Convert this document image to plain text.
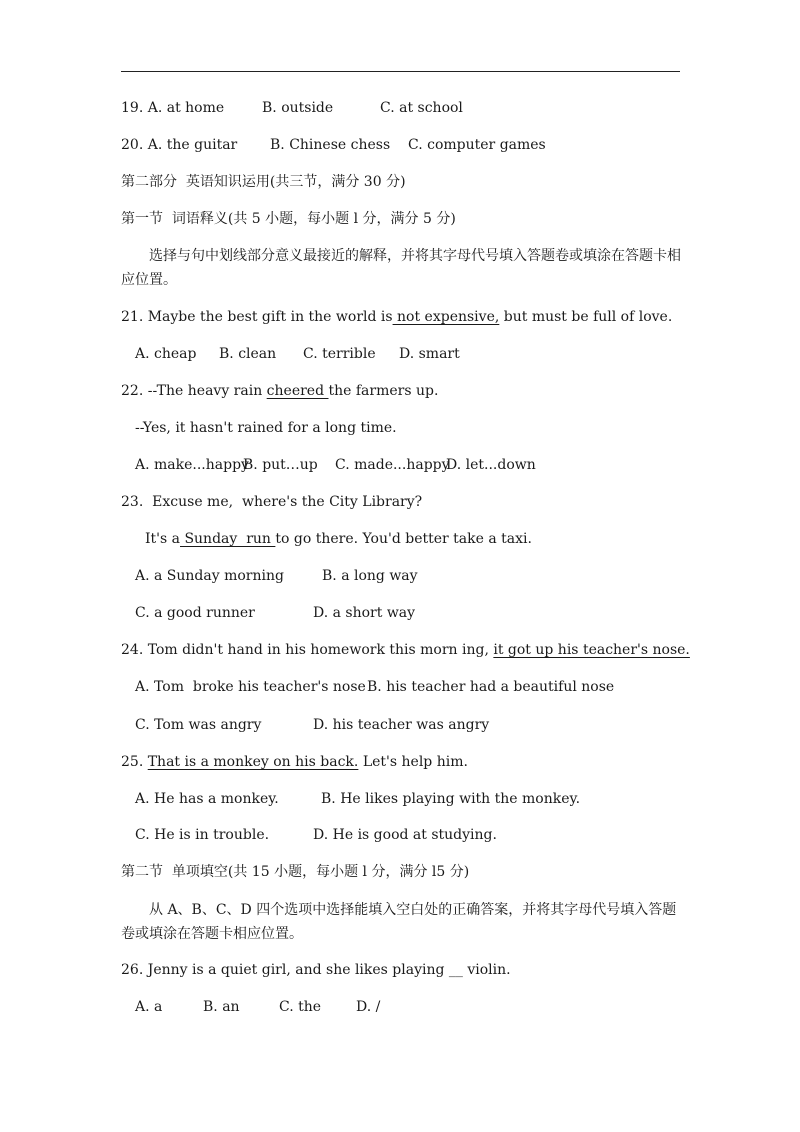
19. A. at home	B. outside	C. at school
20. A. the guitar B. Chinese chess C. computer games
第二部分  英语知识运用(共三节，满分 30 分)
第一节  词语释义(共 5 小题，每小题 l 分，满分 5 分)
选择与句中划线部分意义最接近的解释，并将其字母代号填入答题卷或填涂在答题卡相应位置。
21. Maybe the best gift in the world is not expensive, but must be full of love.
A. cheap B. clean C. terrible D. smart
22. --The heavy rain cheered the farmers up.
--Yes, it hasn't rained for a long time.
A. make...happy
B. put…up C. made...happy
D. let...down
23.  Excuse me,  where's the City Library?
It's a Sunday  run to go there. You'd better take a taxi.
A. a Sunday morning	B. a long way
C. a good runner	D. a short way
24. Tom didn't hand in his homework this morn ing, it got up his teacher's nose.
A. Tom  broke his teacher's nose B. his teacher had a beautiful nose
C. Tom was angry	D. his teacher was angry
25. That is a monkey on his back. Let's help him.
A. He has a monkey.	B. He likes playing with the monkey.
C. He is in trouble.	D. He is good at studying.
第二节  单项填空(共 15 小题，每小题 l 分，满分 l5 分)
从 A、B、C、D 四个选项中选择能填入空白处的正确答案，并将其字母代号填入答题卷或填涂在答题卡相应位置。
26. Jenny is a quiet girl, and she likes playing __ violin.
A. a	B. an	C. the D. /
